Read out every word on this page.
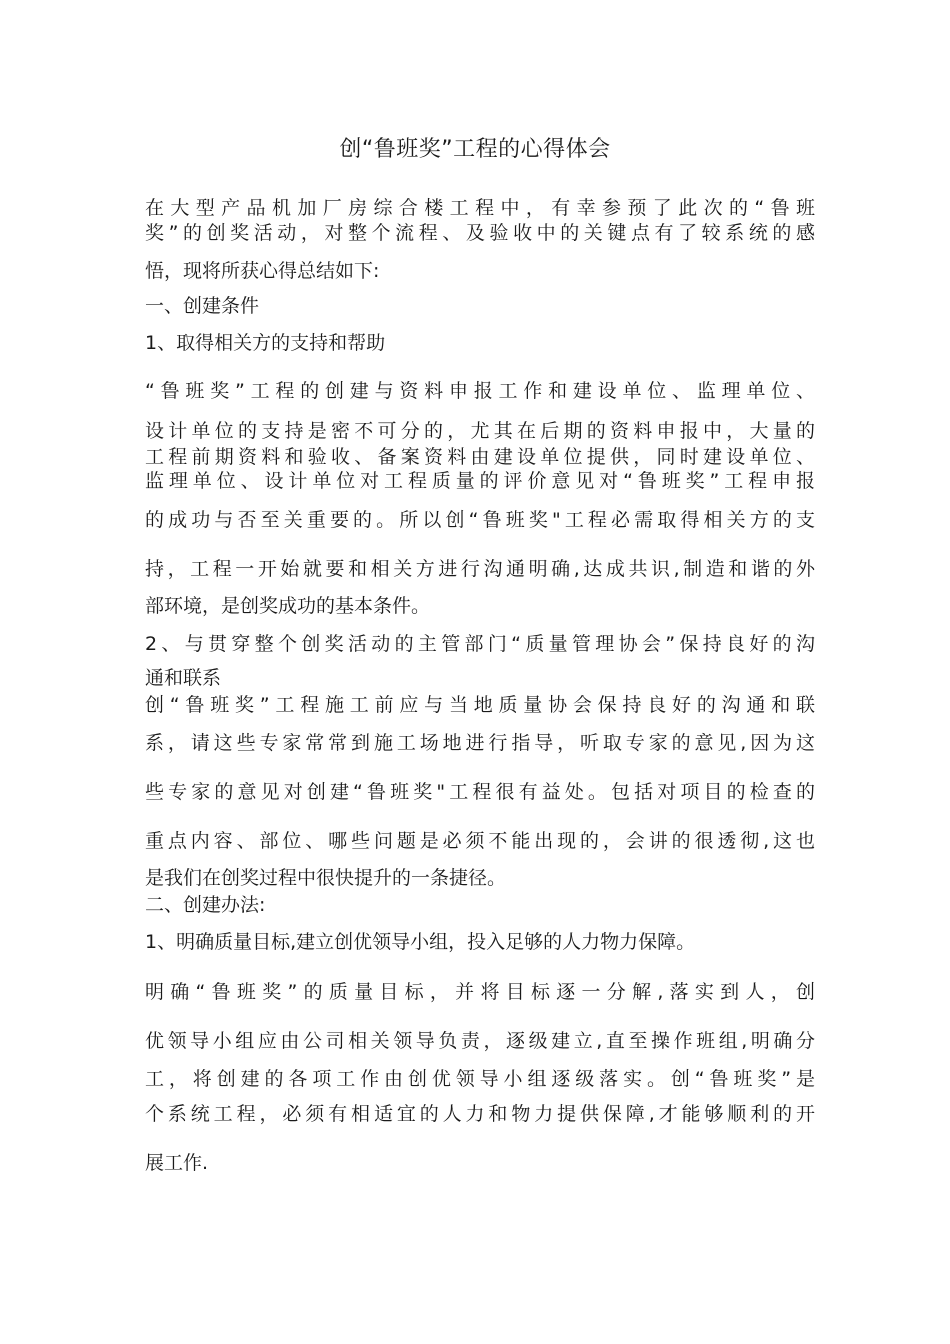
创“鲁班奖”工程的心得体会
在大型产品机加厂房综合楼工程中，有幸参预了此次的“鲁班
奖”的创奖活动，对整个流程、及验收中的关键点有了较系统的感
悟，现将所获心得总结如下:
一、创建条件
1、取得相关方的支持和帮助
“鲁班奖”工程的创建与资料申报工作和建设单位、监理单位、
设计单位的支持是密不可分的，尤其在后期的资料申报中，大量的
工程前期资料和验收、备案资料由建设单位提供，同时建设单位、
监理单位、设计单位对工程质量的评价意见对“鲁班奖”工程申报
的成功与否至关重要的。所以创“鲁班奖"工程必需取得相关方的支
持，工程一开始就要和相关方进行沟通明确,达成共识,制造和谐的外
部环境，是创奖成功的基本条件。
2、与贯穿整个创奖活动的主管部门“质量管理协会”保持良好的沟
通和联系
创“鲁班奖”工程施工前应与当地质量协会保持良好的沟通和联
系，请这些专家常常到施工场地进行指导，听取专家的意见,因为这
些专家的意见对创建“鲁班奖"工程很有益处。包括对项目的检查的
重点内容、部位、哪些问题是必须不能出现的，会讲的很透彻,这也
是我们在创奖过程中很快提升的一条捷径。
二、创建办法:
1、明确质量目标,建立创优领导小组，投入足够的人力物力保障。
明确“鲁班奖”的质量目标，并将目标逐一分解,落实到人，创
优领导小组应由公司相关领导负责，逐级建立,直至操作班组,明确分
工，将创建的各项工作由创优领导小组逐级落实。创“鲁班奖”是
个系统工程，必须有相适宜的人力和物力提供保障,才能够顺利的开
展工作.
